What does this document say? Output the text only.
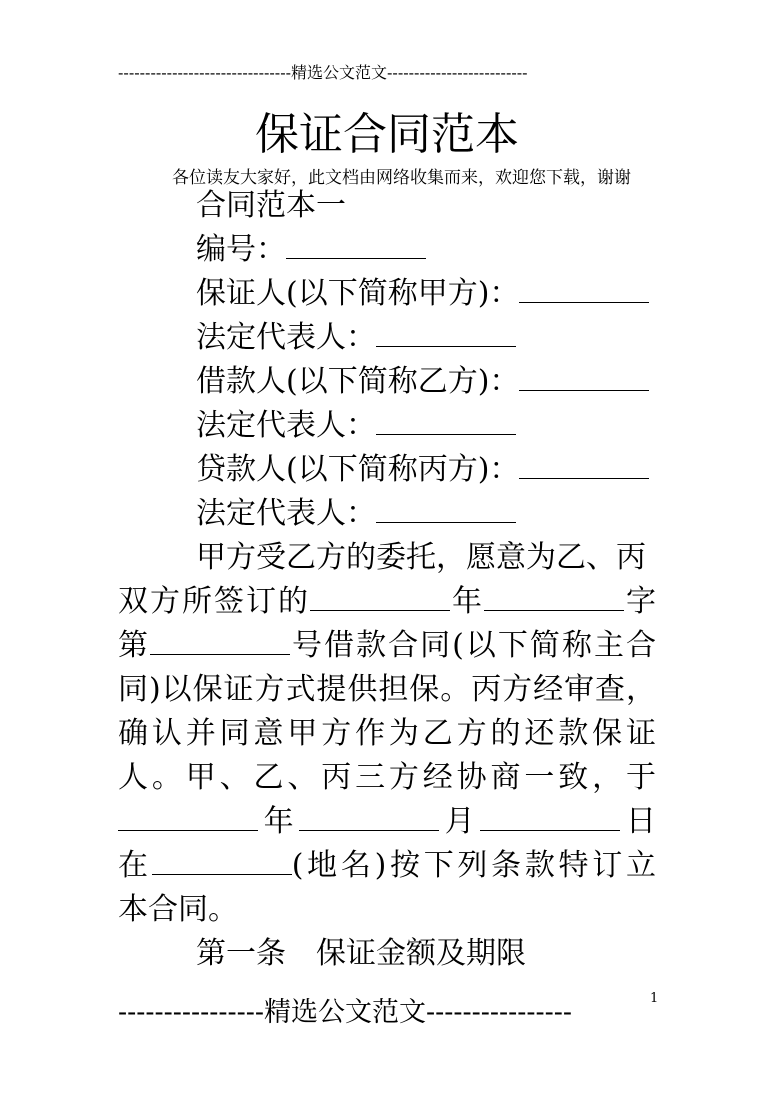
--------------------------------精选公文范文--------------------------
保证合同范本
各位读友大家好，此文档由网络收集而来，欢迎您下载，谢谢
合同范本一
编号：
保证人(以下简称甲方)：
法定代表人：
借款人(以下简称乙方)：
法定代表人：
贷款人(以下简称丙方)：
法定代表人：
甲方受乙方的委托，愿意为乙、丙
双方所签订的	年	字
第	号借款合同(以下简称主合
同)以保证方式提供担保。丙方经审查，
确认并同意甲方作为乙方的还款保证
人。甲、乙、丙三方经协商一致，于
年	月	日
在	(地名)按下列条款特订立
本合同。
----------------精选公文范文----------------	1
第一条　保证金额及期限
